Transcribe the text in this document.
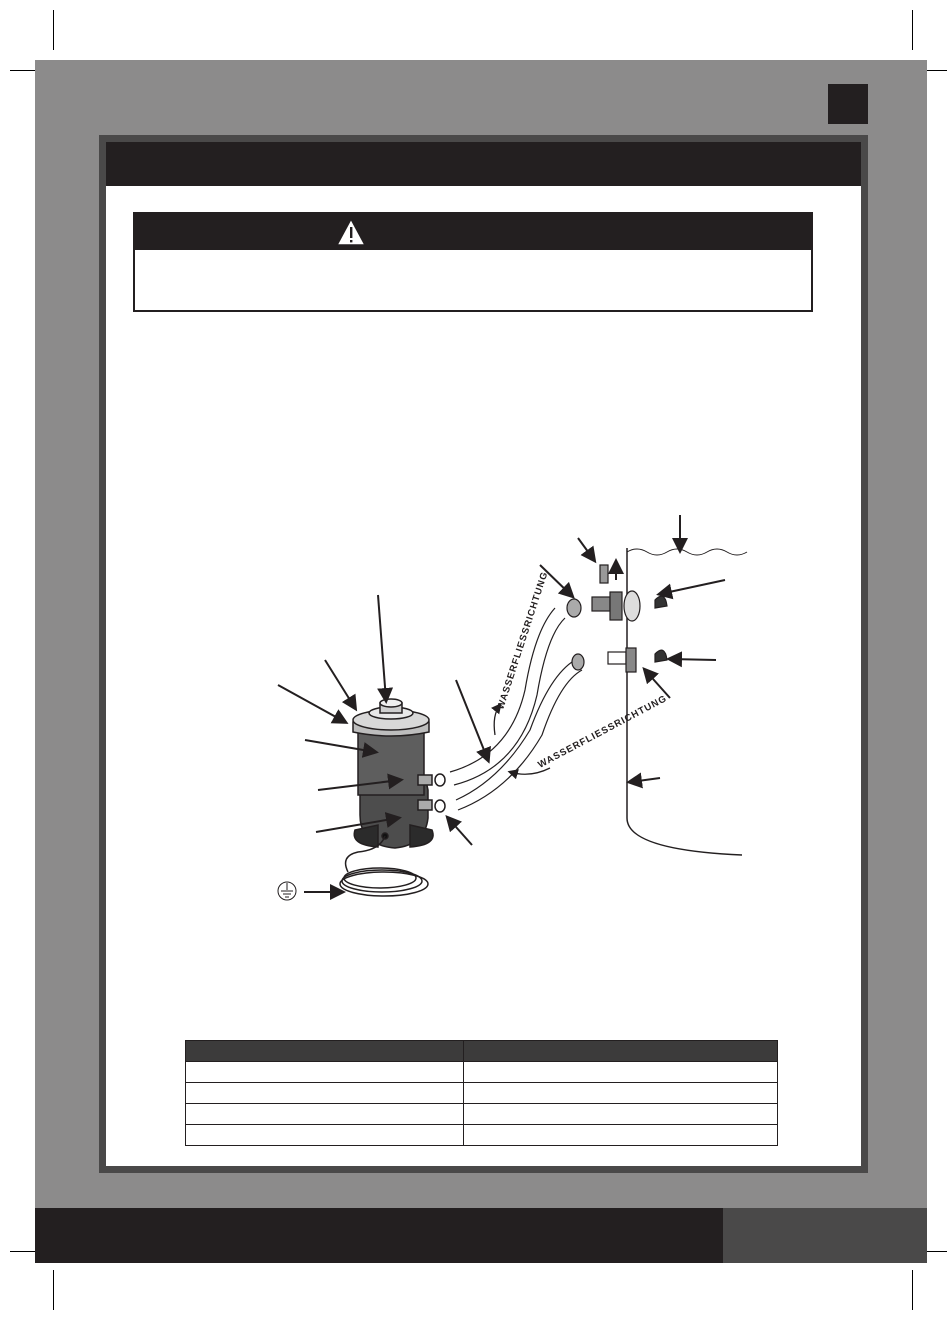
WASSERFLIESSRICHTUNG
WASSERFLIESSRICHTUNG
